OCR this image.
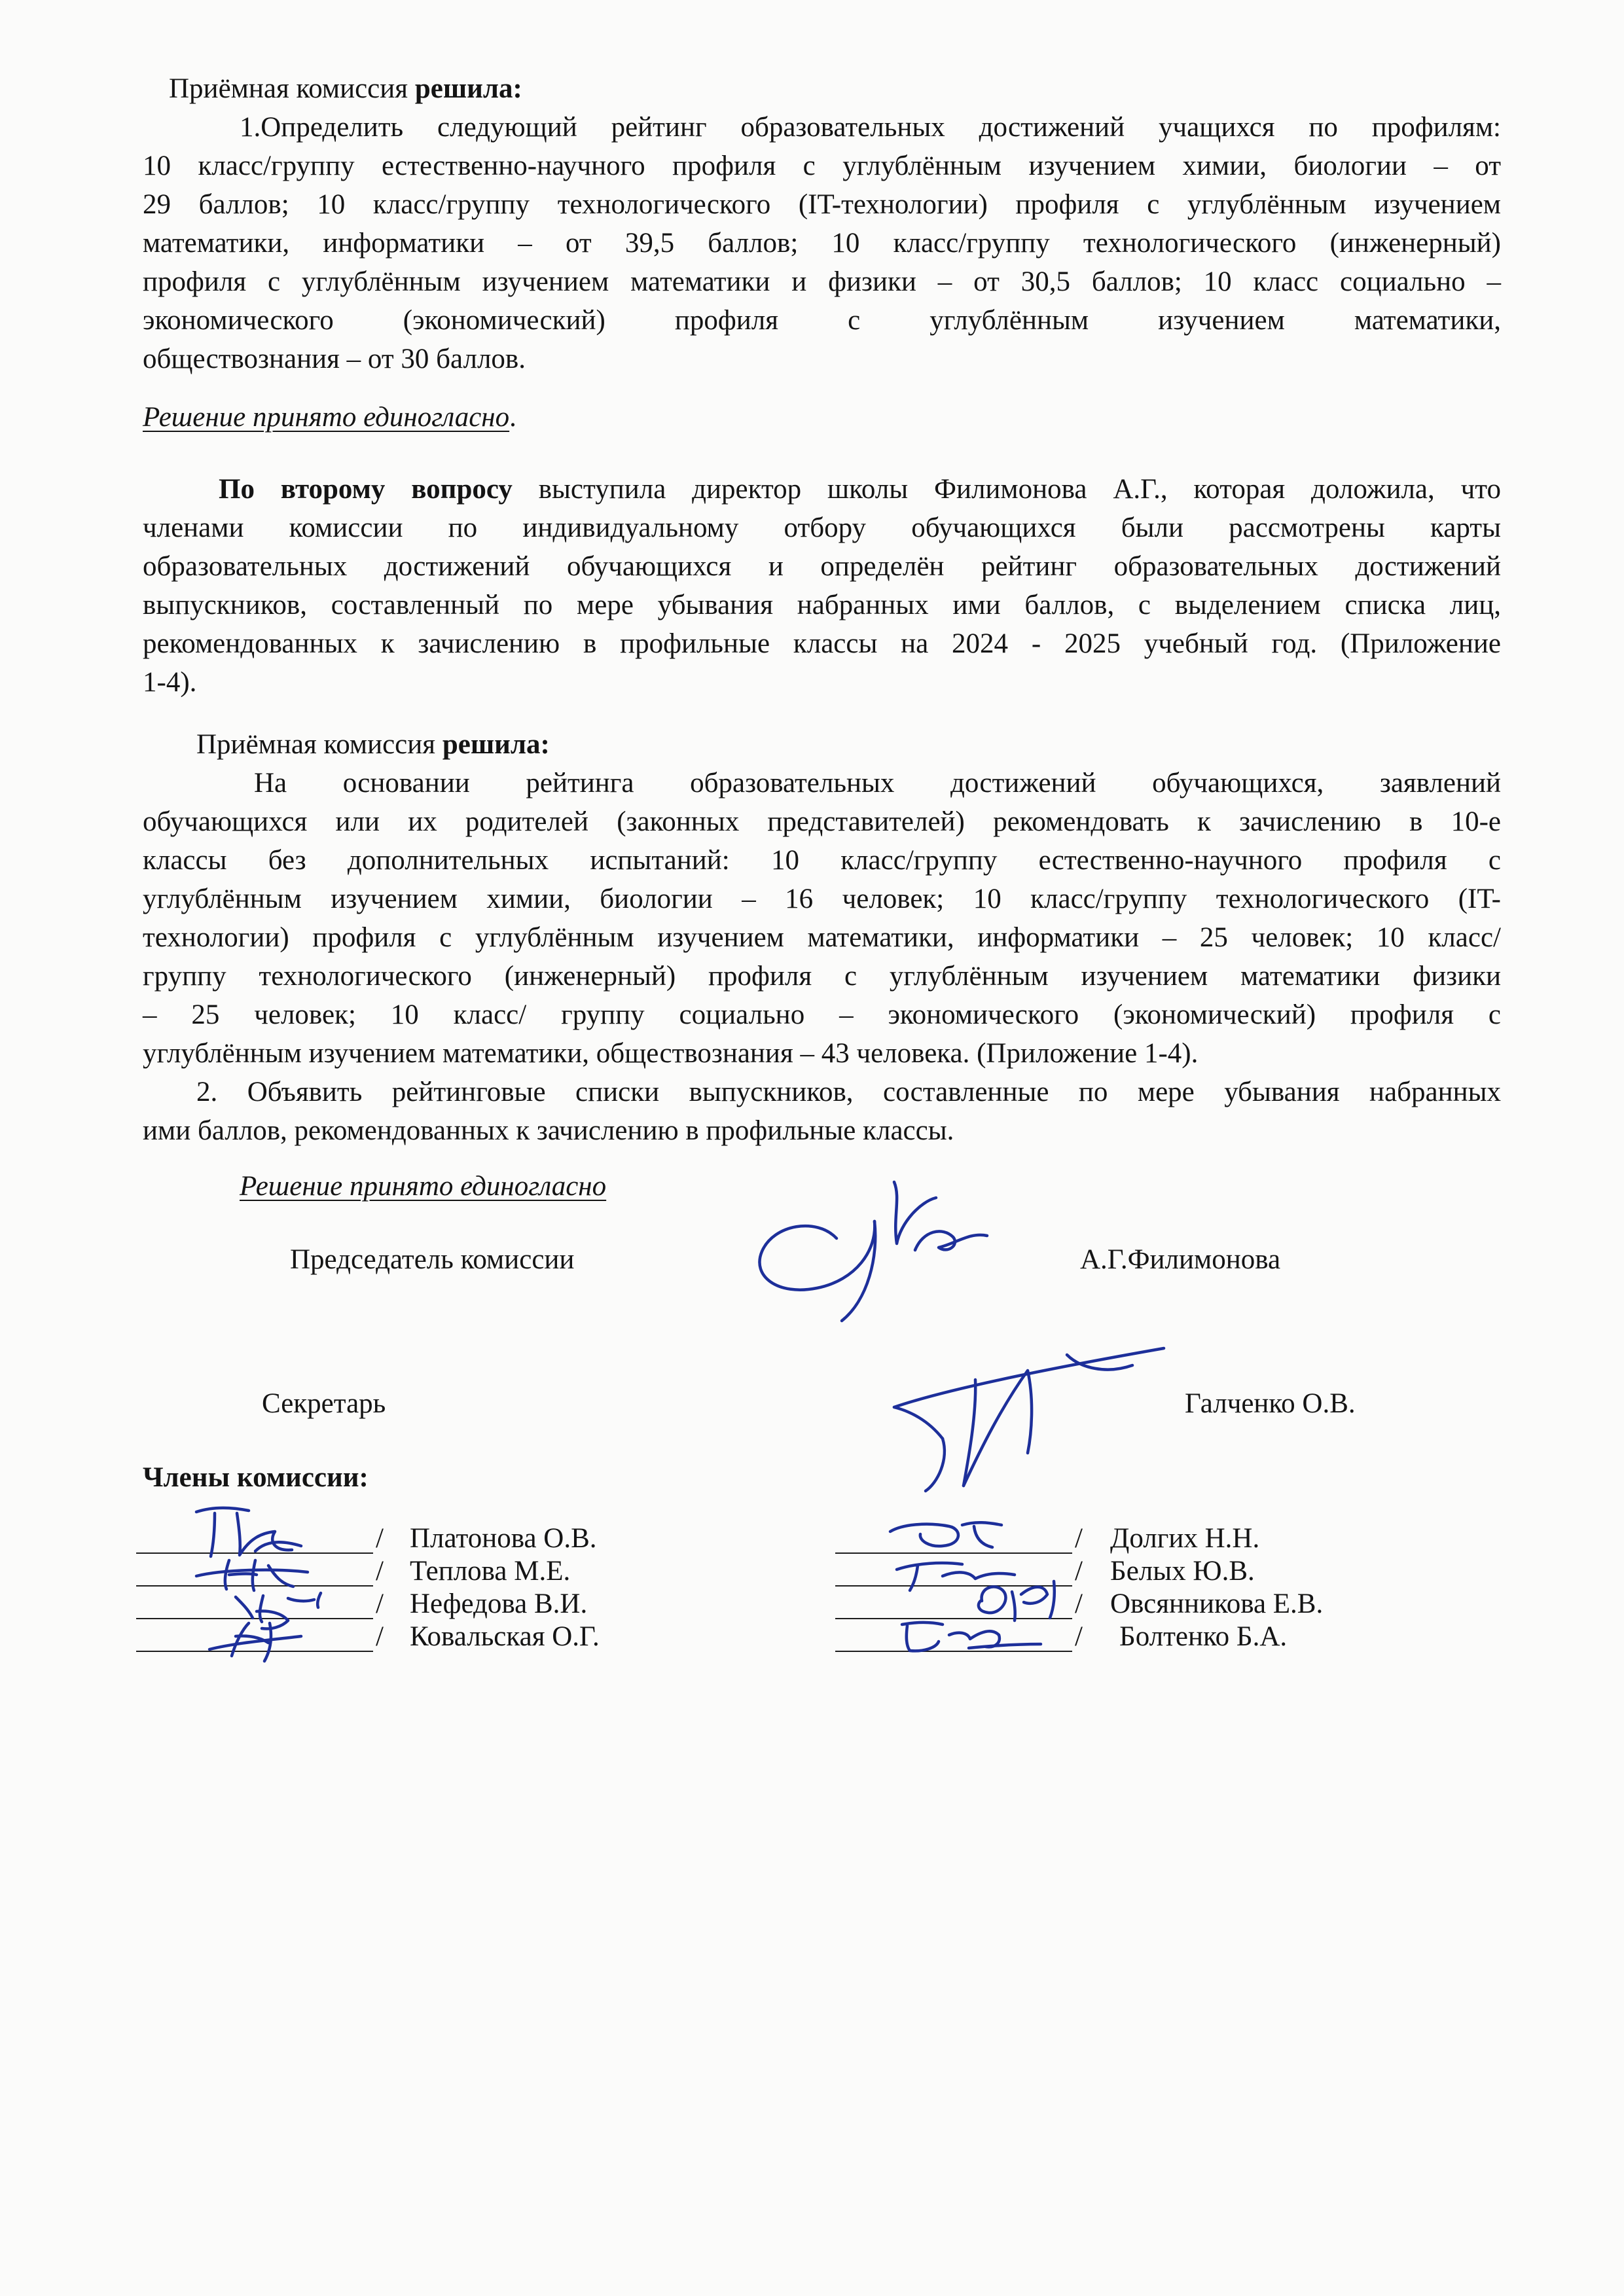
Приёмная комиссия решила:

1.Определить следующий рейтинг образовательных достижений учащихся по профилям:

10 класс/группу естественно-научного профиля с углублённым изучением химии, биологии – от

29 баллов; 10 класс/группу технологического (IT-технологии) профиля с углублённым изучением

математики, информатики – от 39,5 баллов; 10 класс/группу технологического (инженерный)

профиля с углублённым изучением математики и физики – от 30,5 баллов; 10 класс социально –

экономического (экономический) профиля с углублённым изучением математики,

обществознания – от 30 баллов.

Решение принято единогласно.

По второму вопросу выступила директор школы Филимонова А.Г., которая доложила, что

членами комиссии по индивидуальному отбору обучающихся были рассмотрены карты

образовательных достижений обучающихся и определён рейтинг образовательных достижений

выпускников, составленный по мере убывания набранных ими баллов, с выделением списка лиц,

рекомендованных к зачислению в профильные классы на 2024 - 2025 учебный год. (Приложение

1-4).

Приёмная комиссия решила:

На основании рейтинга образовательных достижений обучающихся, заявлений

обучающихся или их родителей (законных представителей) рекомендовать к зачислению в 10-е

классы без дополнительных испытаний: 10 класс/группу естественно-научного профиля с

углублённым изучением химии, биологии – 16 человек; 10 класс/группу технологического (IT-

технологии) профиля с углублённым изучением математики, информатики – 25 человек; 10 класс/

группу технологического (инженерный) профиля с углублённым изучением математики физики

– 25 человек; 10 класс/ группу социально – экономического (экономический) профиля с

углублённым изучением математики, обществознания – 43 человека. (Приложение 1-4).

2. Объявить рейтинговые списки выпускников, составленные по мере убывания набранных

ими баллов, рекомендованных к зачислению в профильные классы.

Решение принято единогласно
Председатель комиссии	А.Г.Филимонова
Секретарь	Галченко О.В.
Члены комиссии:
/ Платонова О.В.
/ Теплова М.Е.
/ Нефедова В.И.
/ Ковальская О.Г.
/ Долгих Н.Н.
/ Белых Ю.В.
/ Овсянникова Е.В.
/ Болтенко Б.А.
